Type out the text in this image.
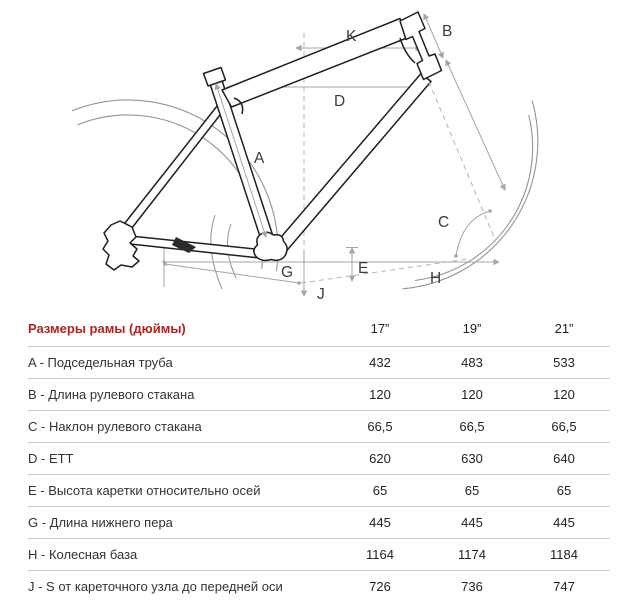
K	B
D
A
C
G	E
H
J
Размеры рамы (дюймы)	17”	19”	21”
A - Подседельная труба	432	483	533
B - Длина рулевого стакана	120	120	120
C - Наклон рулевого стакана	66,5	66,5	66,5
D - ETT	620	630	640
E - Высота каретки относительно осей	65	65	65
G - Длина нижнего пера	445	445	445
H - Колесная база	1164	1174	1184
J - S от кареточного узла до передней оси	726	736	747
